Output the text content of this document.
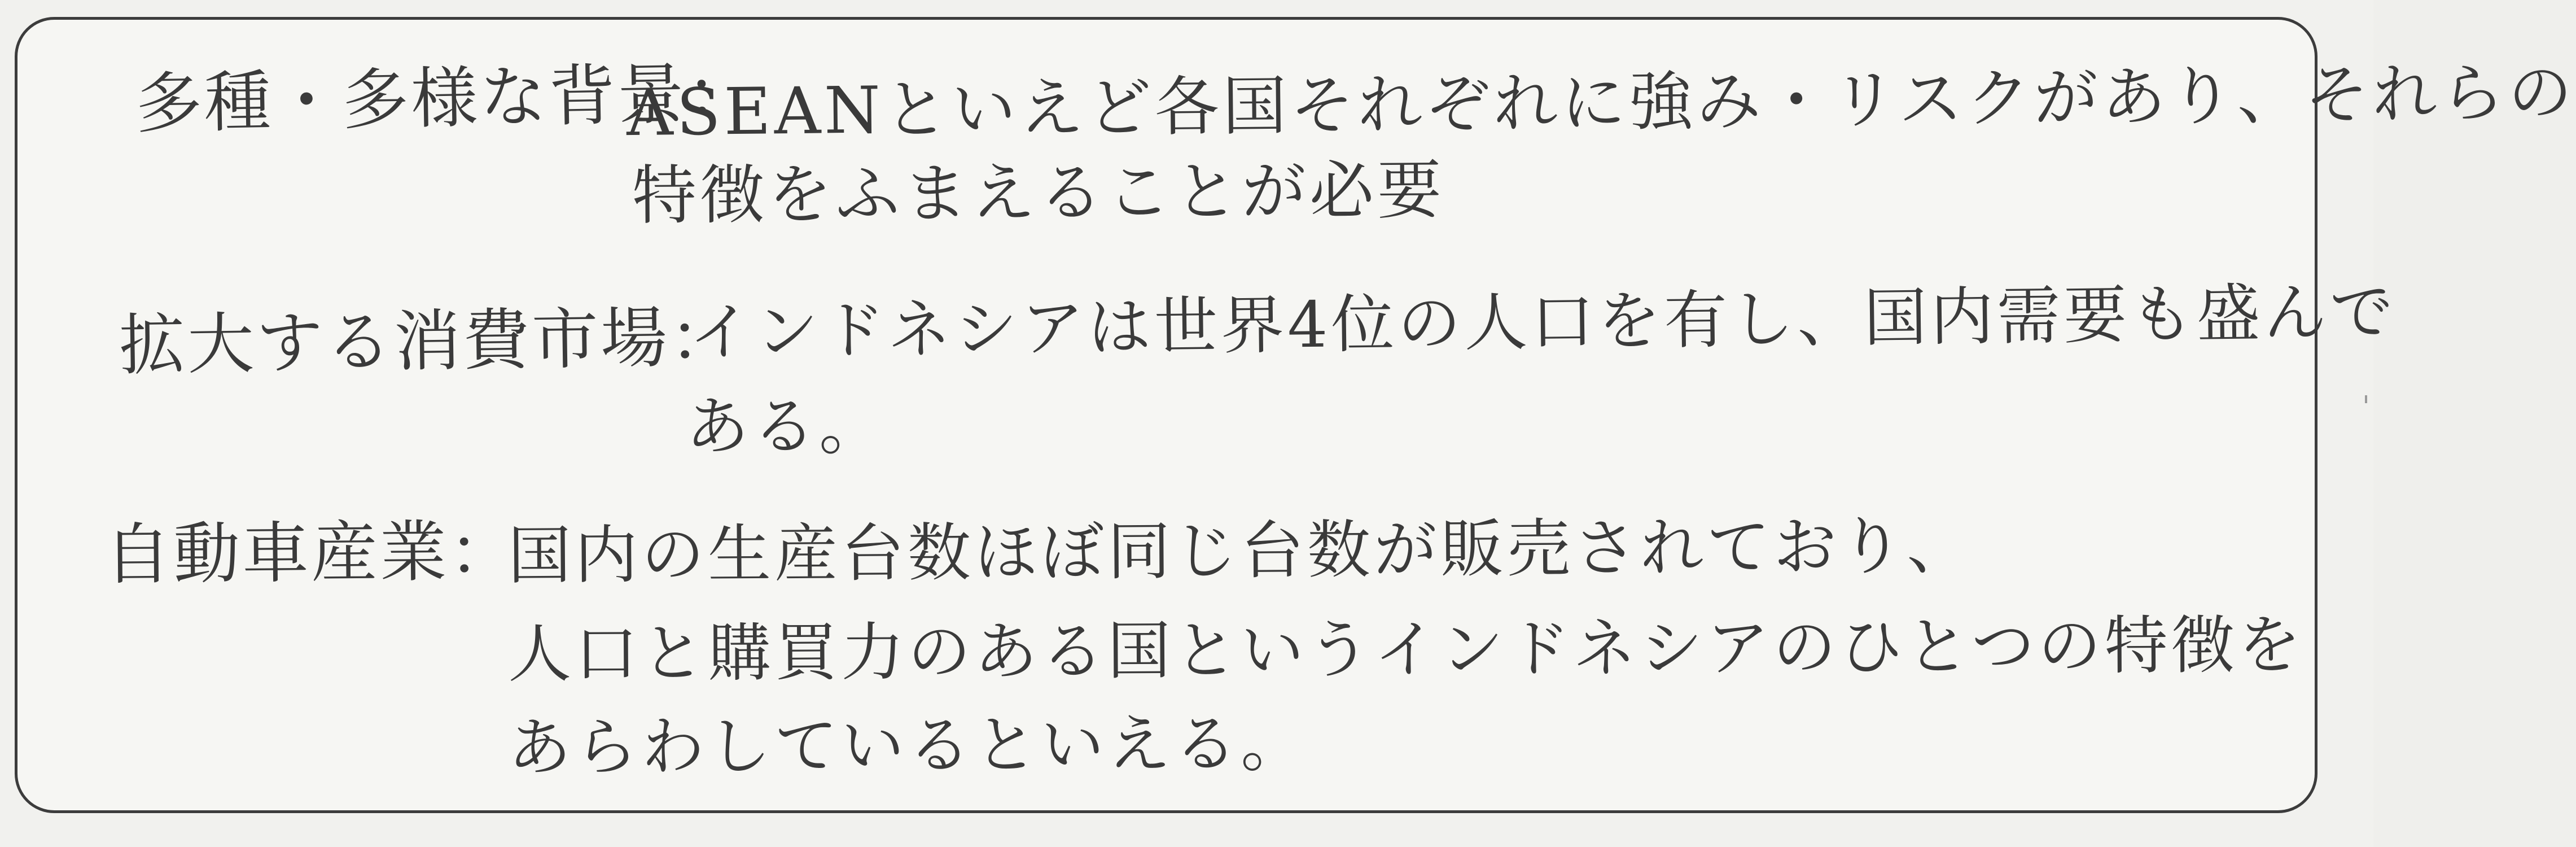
多種・多様な背景：
ASEANといえど各国それぞれに強み・リスクがあり、それらの
特徴をふまえることが必要
拡大する消費市場：
インドネシアは世界4位の人口を有し、国内需要も盛んで
ある。
自動車産業：
国内の生産台数ほぼ同じ台数が販売されており、
人口と購買力のある国というインドネシアのひとつの特徴を
あらわしているといえる。
